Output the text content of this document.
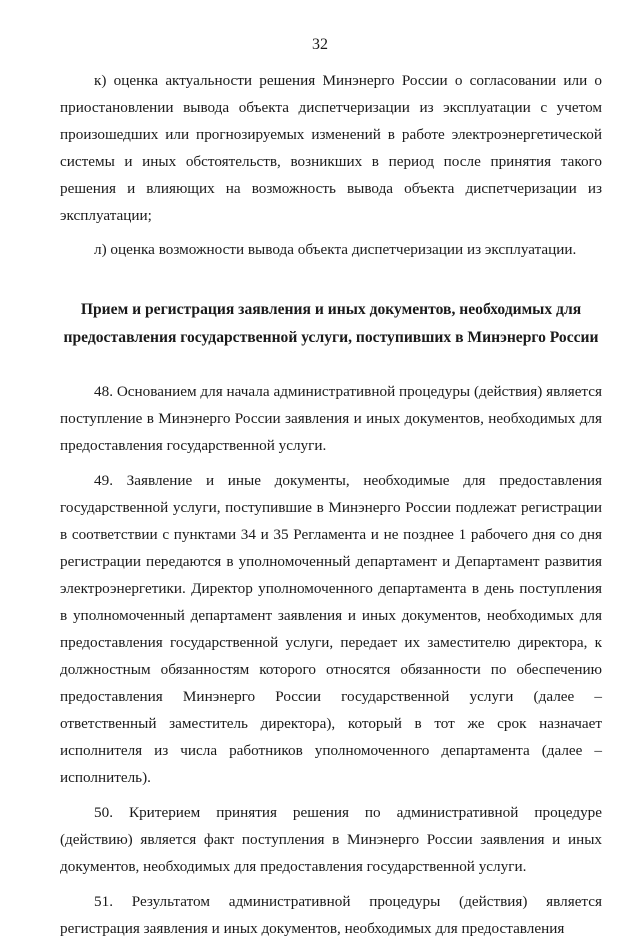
32

к) оценка актуальности решения Минэнерго России о согласовании или о приостановлении вывода объекта диспетчеризации из эксплуатации с учетом произошедших или прогнозируемых изменений в работе электроэнергетической системы и иных обстоятельств, возникших в период после принятия такого решения и влияющих на возможность вывода объекта диспетчеризации из эксплуатации;

л) оценка возможности вывода объекта диспетчеризации из эксплуатации.

Прием и регистрация заявления и иных документов, необходимых для предоставления государственной услуги, поступивших в Минэнерго России

48. Основанием для начала административной процедуры (действия) является поступление в Минэнерго России заявления и иных документов, необходимых для предоставления государственной услуги.

49. Заявление и иные документы, необходимые для предоставления государственной услуги, поступившие в Минэнерго России подлежат регистрации в соответствии с пунктами 34 и 35 Регламента и не позднее 1 рабочего дня со дня регистрации передаются в уполномоченный департамент и Департамент развития электроэнергетики. Директор уполномоченного департамента в день поступления в уполномоченный департамент заявления и иных документов, необходимых для предоставления государственной услуги, передает их заместителю директора, к должностным обязанностям которого относятся обязанности по обеспечению предоставления Минэнерго России государственной услуги (далее – ответственный заместитель директора), который в тот же срок назначает исполнителя из числа работников уполномоченного департамента (далее – исполнитель).

50. Критерием принятия решения по административной процедуре (действию) является факт поступления в Минэнерго России заявления и иных документов, необходимых для предоставления государственной услуги.

51. Результатом административной процедуры (действия) является регистрация заявления и иных документов, необходимых для предоставления
